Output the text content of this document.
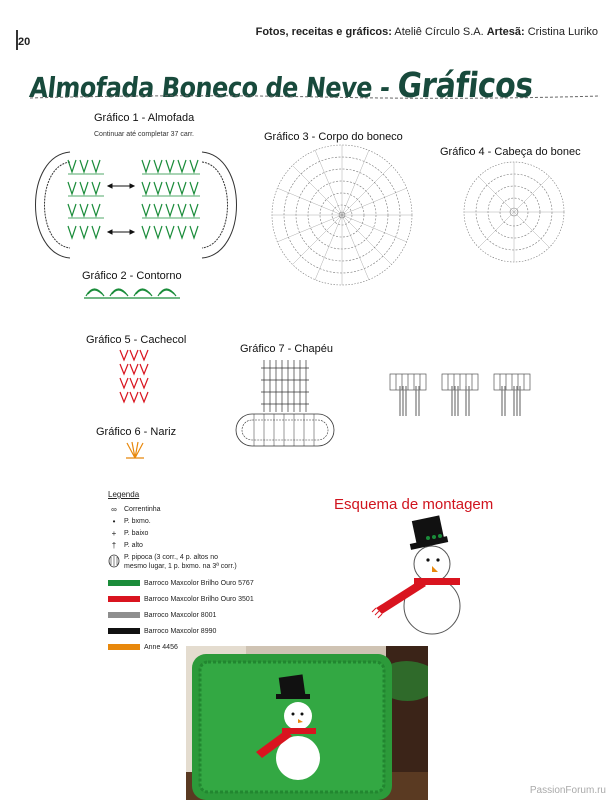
20
Fotos, receitas e gráficos: Ateliê Círculo S.A. Artesã: Cristina Luriko
Almofada Boneco de Neve - Gráficos
Gráfico 1 - Almofada
Continuar até completar 37 carr.
Gráfico 2 - Contorno
Gráfico 3 - Corpo do boneco
Gráfico 4 - Cabeça do bonec
Gráfico 5 - Cachecol
Gráfico 6 - Nariz
Gráfico 7 - Chapéu
Legenda
∞	Correntinha
•	P. bxmo.
+	P. baixo
†	P. alto
P. pipoca (3 corr., 4 p. altos no
mesmo lugar, 1 p. bxmo. na 3ª corr.)
Barroco Maxcolor Brilho Ouro 5767
Barroco Maxcolor Brilho Ouro 3501
Barroco Maxcolor 8001
Barroco Maxcolor 8990
Anne 4456
Esquema de montagem
PassionForum.ru
